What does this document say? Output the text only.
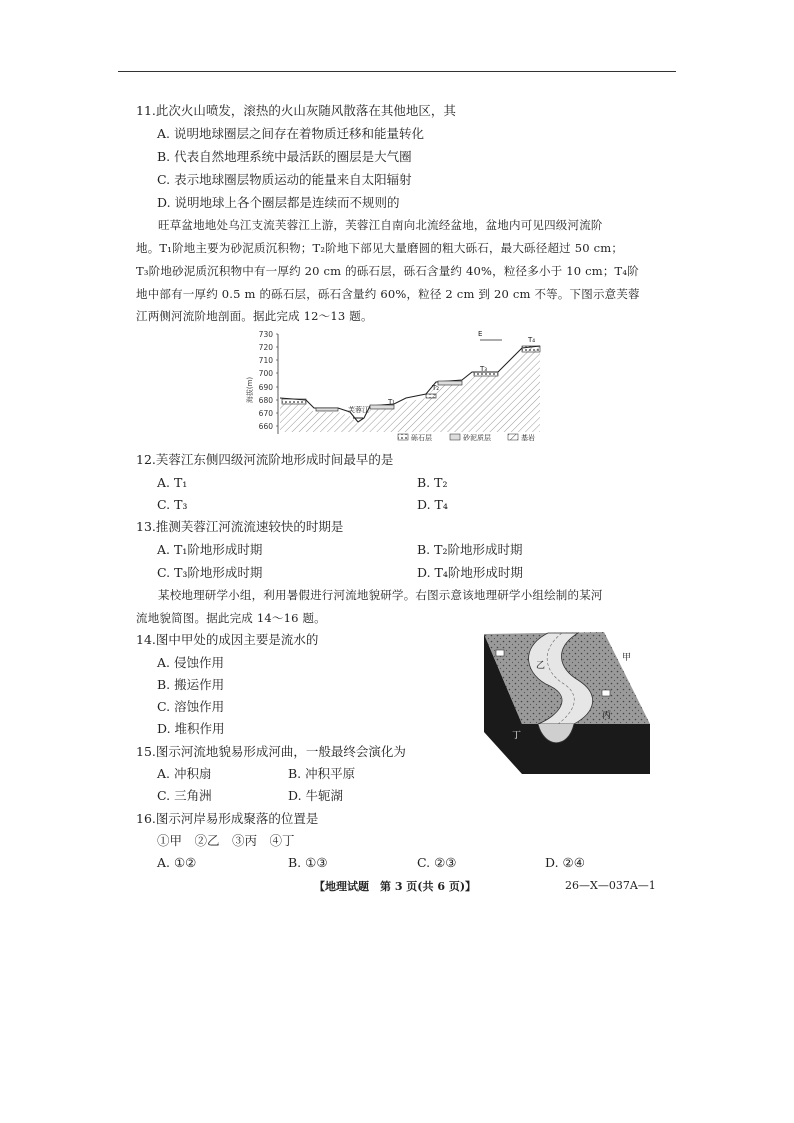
11.此次火山喷发，滚热的火山灰随风散落在其他地区，其
A. 说明地球圈层之间存在着物质迁移和能量转化
B. 代表自然地理系统中最活跃的圈层是大气圈
C. 表示地球圈层物质运动的能量来自太阳辐射
D. 说明地球上各个圈层都是连续而不规则的
旺草盆地地处乌江支流芙蓉江上游，芙蓉江自南向北流经盆地，盆地内可见四级河流阶
地。T₁阶地主要为砂泥质沉积物；T₂阶地下部见大量磨圆的粗大砾石，最大砾径超过 50 cm；
T₃阶地砂泥质沉积物中有一厚约 20 cm 的砾石层，砾石含量约 40%，粒径多小于 10 cm；T₄阶
地中部有一厚约 0.5 m 的砾石层，砾石含量约 60%，粒径 2 cm 到 20 cm 不等。下图示意芙蓉
江两侧河流阶地剖面。据此完成 12～13 题。
730
720
710
700
690
680
670
660
海拔(m)
芙蓉江
T₁
T₂
T₃
T₄
E
砾石层	砂泥质层	基岩
12.芙蓉江东侧四级河流阶地形成时间最早的是
A. T₁	B. T₂
C. T₃	D. T₄
13.推测芙蓉江河流流速较快的时期是
A. T₁阶地形成时期	B. T₂阶地形成时期
C. T₃阶地形成时期	D. T₄阶地形成时期
某校地理研学小组，利用暑假进行河流地貌研学。右图示意该地理研学小组绘制的某河
流地貌简图。据此完成 14～16 题。
14.图中甲处的成因主要是流水的
A. 侵蚀作用
B. 搬运作用
C. 溶蚀作用
D. 堆积作用
甲
乙
丙
丁
15.图示河流地貌易形成河曲，一般最终会演化为
A. 冲积扇	B. 冲积平原
C. 三角洲	D. 牛轭湖
16.图示河岸易形成聚落的位置是
①甲　②乙　③丙　④丁
A. ①②	B. ①③	C. ②③	D. ②④
【地理试题　第 3 页(共 6 页)】	26—X—037A—1
